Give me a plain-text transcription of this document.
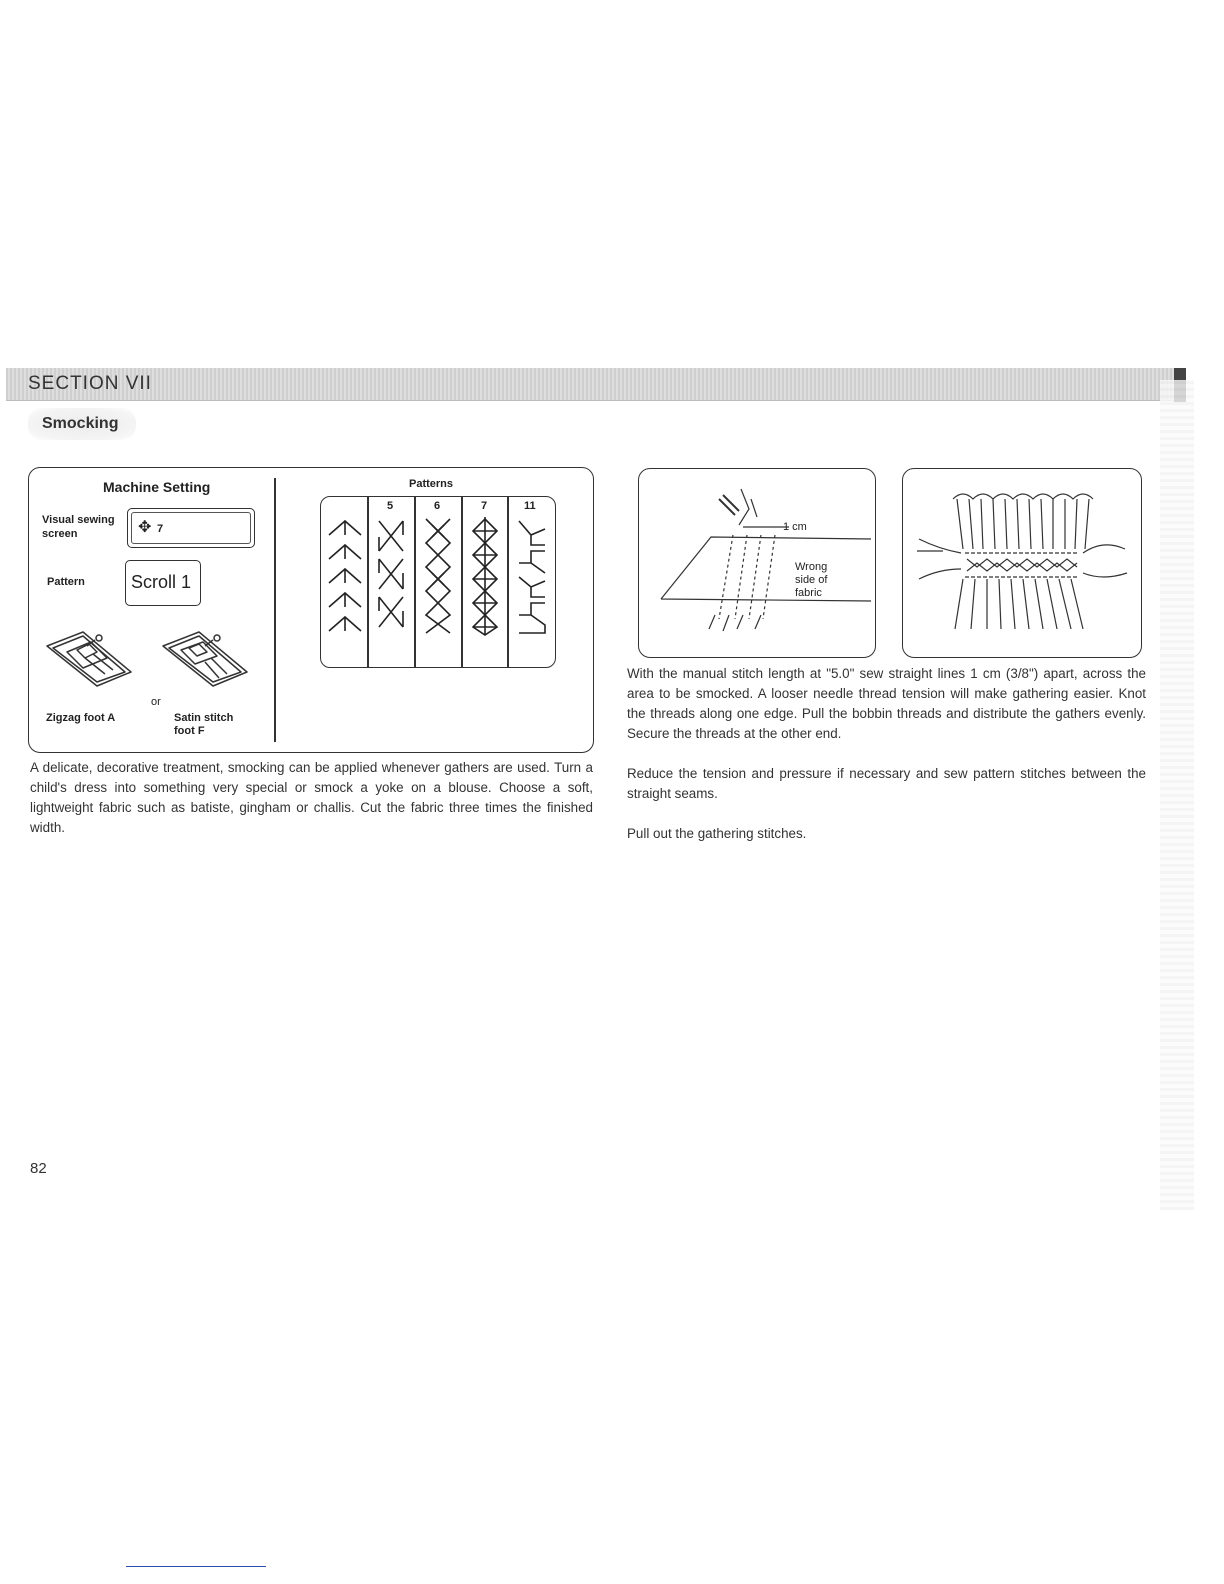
SECTION VII
Smocking
Machine Setting
Visual sewing screen	✥ 7
Pattern	Scroll 1
or
Zigzag foot A	Satin stitch foot F
Patterns
5	6	7	11
1 cm
Wrong side of fabric
A delicate, decorative treatment, smocking can be applied whenever gathers are used. Turn a child's dress into something very special or smock a yoke on a blouse. Choose a soft, lightweight fabric such as batiste, gingham or challis. Cut the fabric three times the finished width.
With the manual stitch length at "5.0" sew straight lines 1 cm (3/8") apart, across the area to be smocked. A looser needle thread tension will make gathering easier. Knot the threads along one edge. Pull the bobbin threads and distribute the gathers evenly. Secure the threads at the other end.
Reduce the tension and pressure if necessary and sew pattern stitches between the straight seams.
Pull out the gathering stitches.
82
